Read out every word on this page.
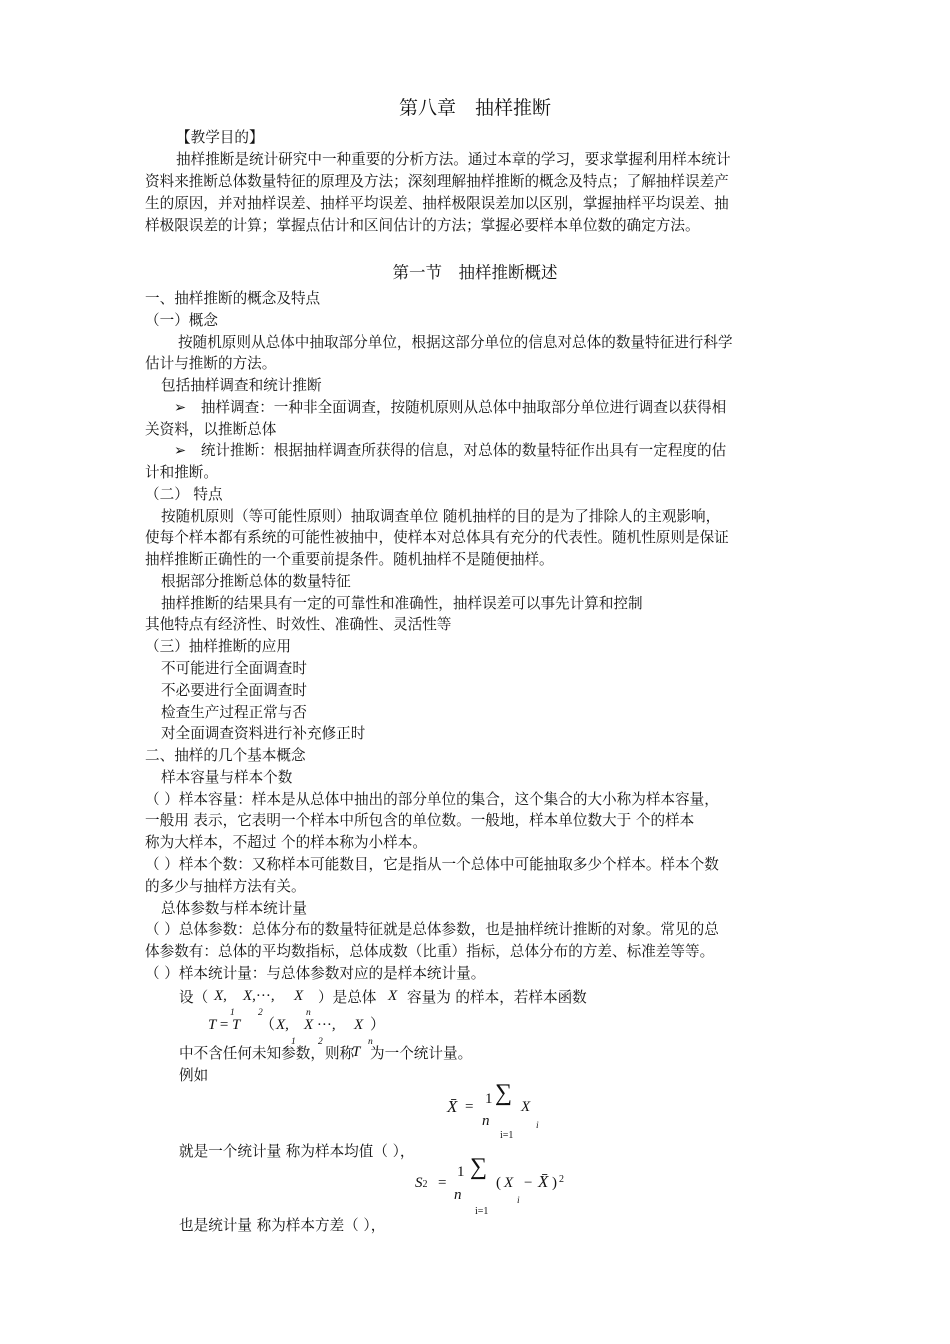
第八章　抽样推断
【教学目的】
抽样推断是统计研究中一种重要的分析方法。通过本章的学习，要求掌握利用样本统计
资料来推断总体数量特征的原理及方法；深刻理解抽样推断的概念及特点；了解抽样误差产
生的原因，并对抽样误差、抽样平均误差、抽样极限误差加以区别，掌握抽样平均误差、抽
样极限误差的计算；掌握点估计和区间估计的方法；掌握必要样本单位数的确定方法。
第一节　抽样推断概述
一、抽样推断的概念及特点
（一）概念
按随机原则从总体中抽取部分单位，根据这部分单位的信息对总体的数量特征进行科学
估计与推断的方法。
包括抽样调查和统计推断
➢　抽样调查：一种非全面调查，按随机原则从总体中抽取部分单位进行调查以获得相
关资料，以推断总体
➢　统计推断：根据抽样调查所获得的信息，对总体的数量特征作出具有一定程度的估
计和推断。
（二） 特点
按随机原则（等可能性原则）抽取调查单位 随机抽样的目的是为了排除人的主观影响，
使每个样本都有系统的可能性被抽中，使样本对总体具有充分的代表性。随机性原则是保证
抽样推断正确性的一个重要前提条件。随机抽样不是随便抽样。
根据部分推断总体的数量特征
抽样推断的结果具有一定的可靠性和准确性，抽样误差可以事先计算和控制
其他特点有经济性、时效性、准确性、灵活性等
（三）抽样推断的应用
不可能进行全面调查时
不必要进行全面调查时
检查生产过程正常与否
对全面调查资料进行补充修正时
二、抽样的几个基本概念
样本容量与样本个数
（ ）样本容量：样本是从总体中抽出的部分单位的集合，这个集合的大小称为样本容量，
一般用 表示，它表明一个样本中所包含的单位数。一般地，样本单位数大于 个的样本
称为大样本，不超过 个的样本称为小样本。
（ ）样本个数：又称样本可能数目，它是指从一个总体中可能抽取多少个样本。样本个数
的多少与抽样方法有关。
总体参数与样本统计量
（ ）总体参数：总体分布的数量特征就是总体参数，也是抽样统计推断的对象。常见的总
体参数有：总体的平均数指标，总体成数（比重）指标，总体分布的方差、标准差等等。
（ ）样本统计量：与总体参数对应的是样本统计量。
设（ X, X,···, X
1 2	n
）是总体 X 容量为 的样本，若样本函数
T = T （ X, X ···, X ）
1 2	n
中不含任何未知参数，则称
T 为一个统计量。
例如
X̄ = 1
n
∑
X
i
i=1
就是一个统计量 称为样本均值（ ），
S2 =
1
n
∑
( X
i
− X̄ ) 2
i=1
也是统计量 称为样本方差（ ），
